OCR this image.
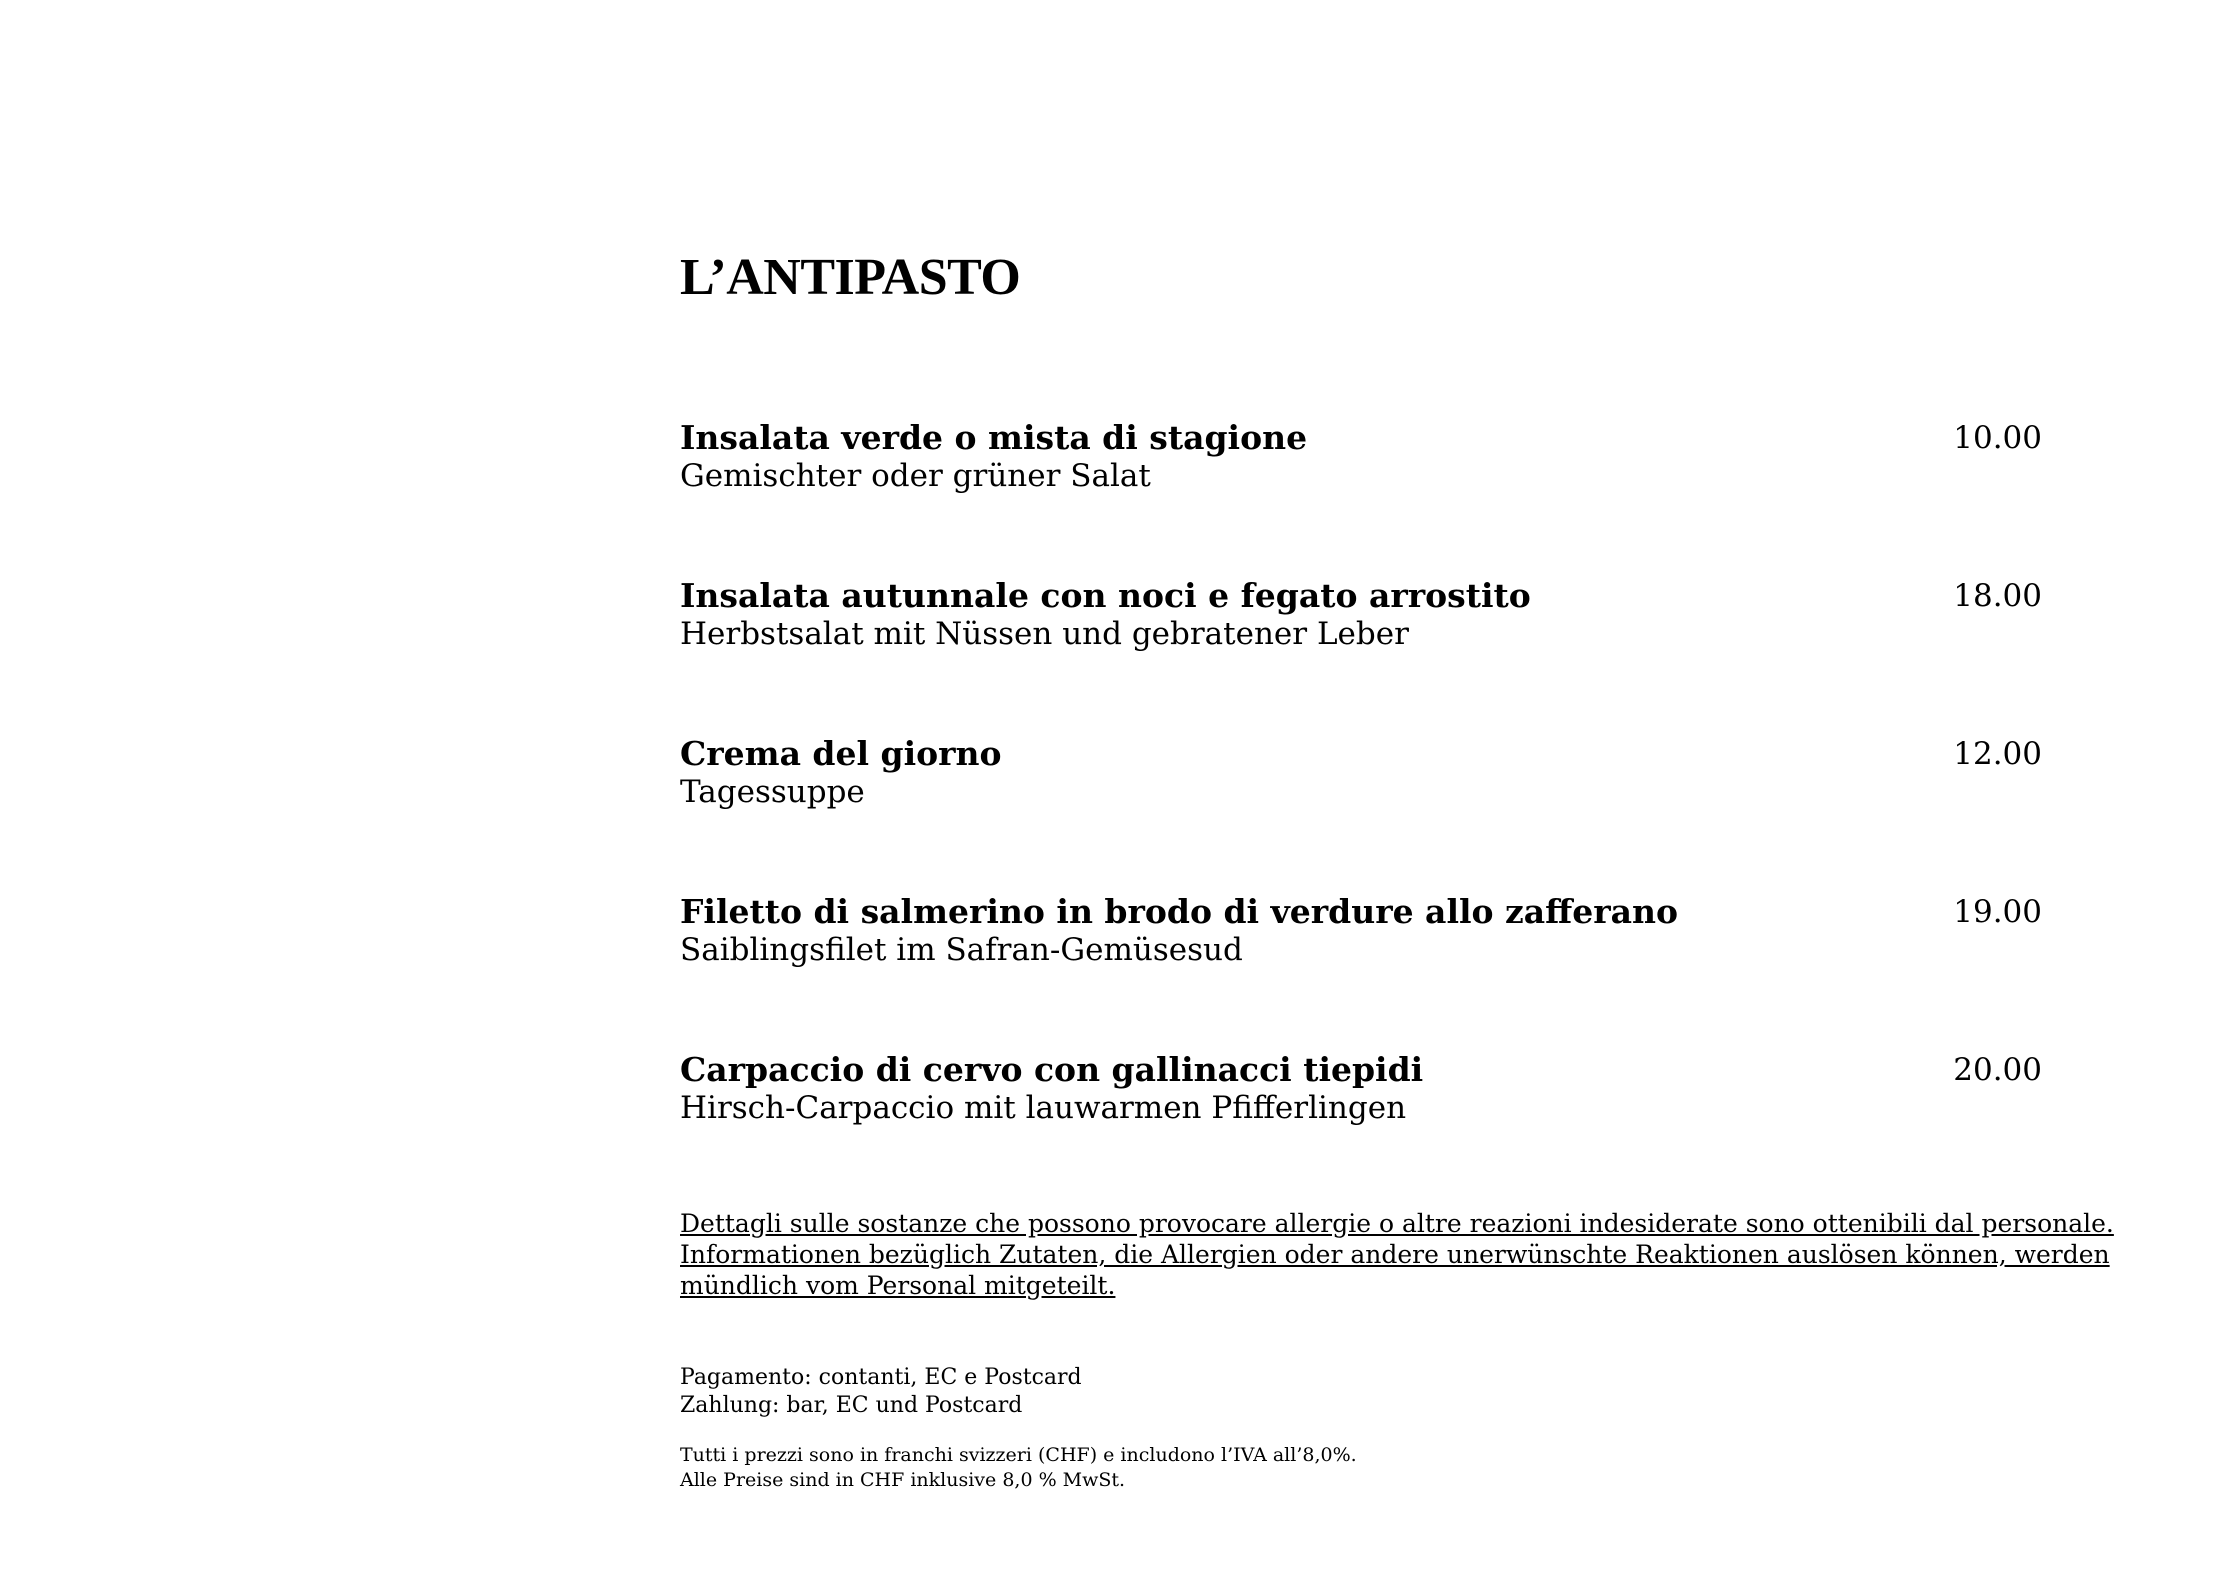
L’ANTIPASTO
Insalata verde o mista di stagione
Gemischter oder grüner Salat
10.00
Insalata autunnale con noci e fegato arrostito
Herbstsalat mit Nüssen und gebratener Leber
18.00
Crema del giorno
Tagessuppe
12.00
Filetto di salmerino in brodo di verdure allo zafferano
Saiblingsfilet im Safran-Gemüsesud
19.00
Carpaccio di cervo con gallinacci tiepidi
Hirsch-Carpaccio mit lauwarmen Pfifferlingen
20.00
Dettagli sulle sostanze che possono provocare allergie o altre reazioni indesiderate sono ottenibili dal personale.
Informationen bezüglich Zutaten, die Allergien oder andere unerwünschte Reaktionen auslösen können, werden
mündlich vom Personal mitgeteilt.
Pagamento: contanti, EC e Postcard
Zahlung: bar, EC und Postcard
Tutti i prezzi sono in franchi svizzeri (CHF) e includono l’IVA all’8,0%.
Alle Preise sind in CHF inklusive 8,0 % MwSt.
